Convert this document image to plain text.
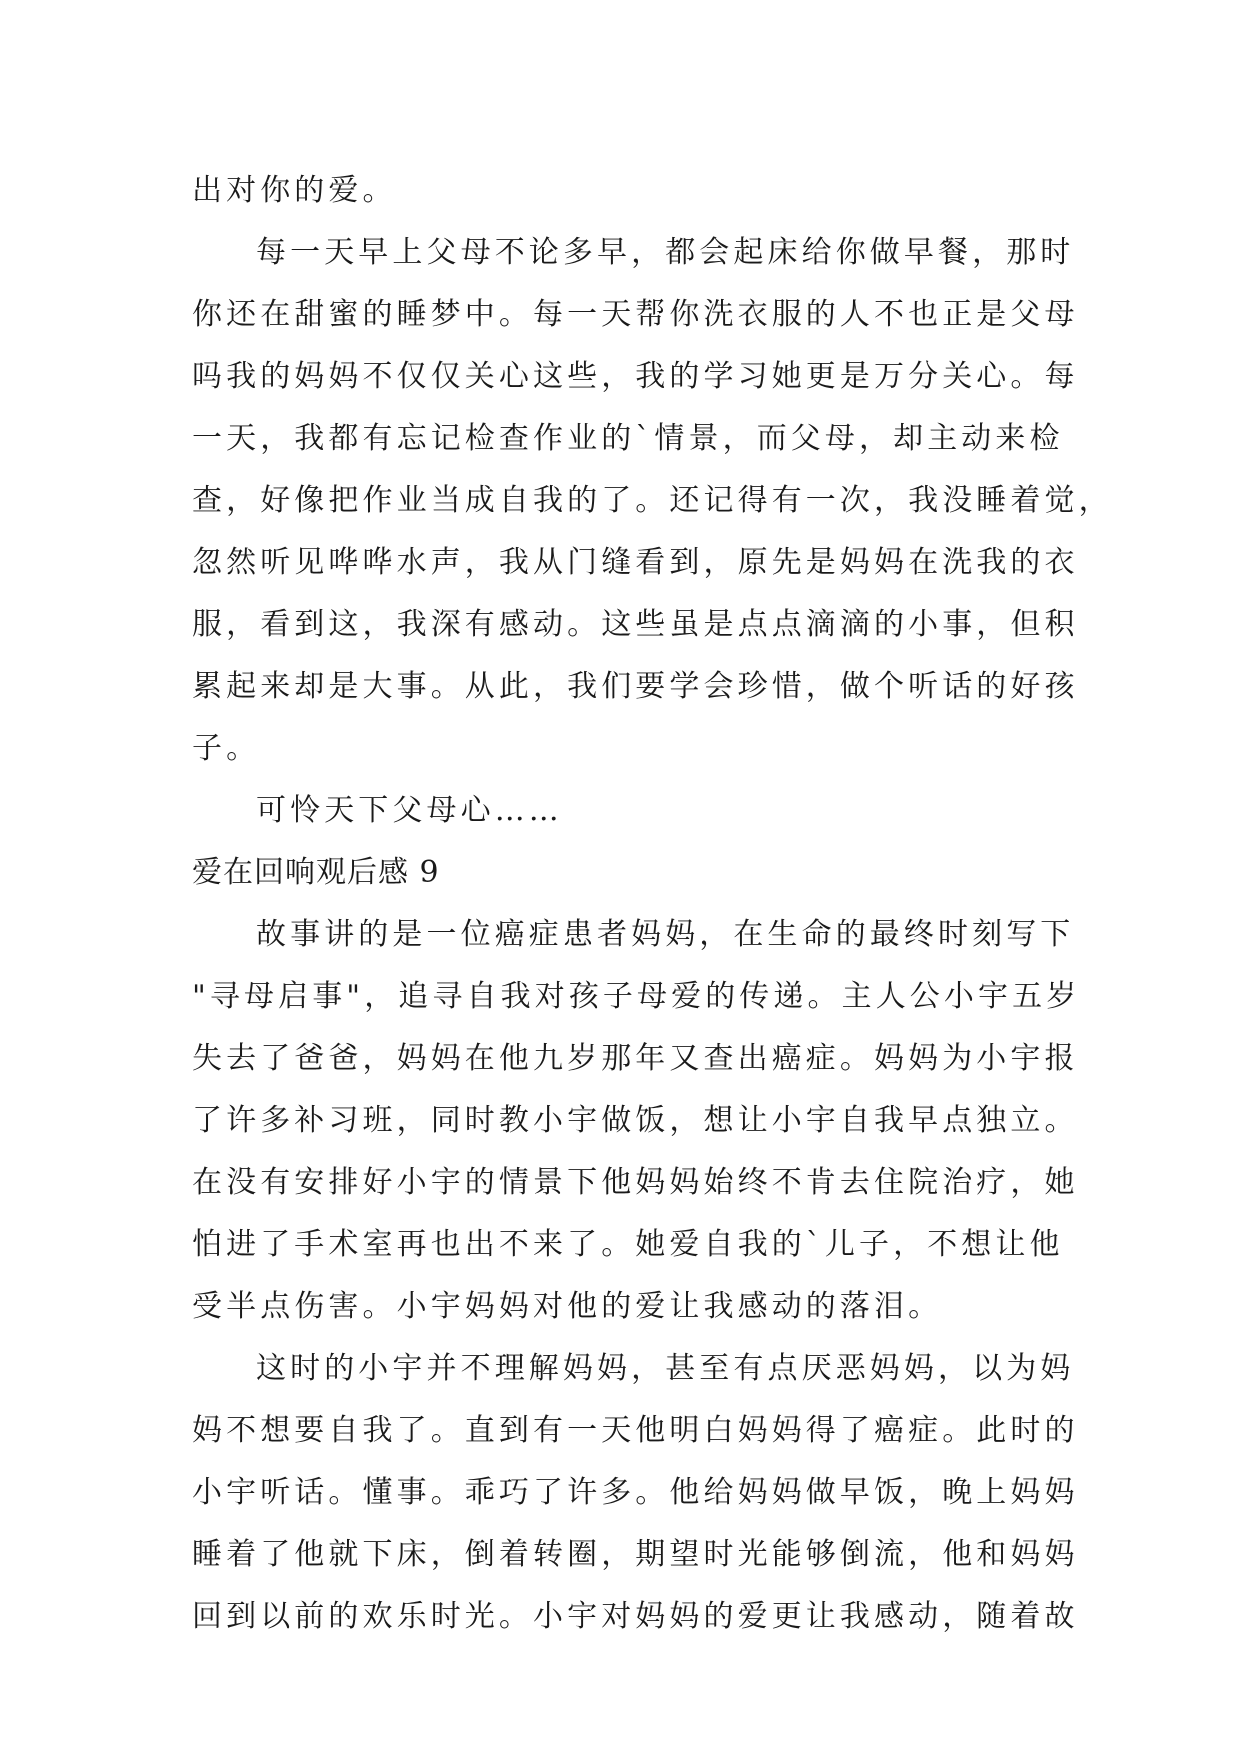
出对你的爱。
每一天早上父母不论多早，都会起床给你做早餐，那时
你还在甜蜜的睡梦中。每一天帮你洗衣服的人不也正是父母
吗我的妈妈不仅仅关心这些，我的学习她更是万分关心。每
一天，我都有忘记检查作业的`情景，而父母，却主动来检
查，好像把作业当成自我的了。还记得有一次，我没睡着觉，
忽然听见哗哗水声，我从门缝看到，原先是妈妈在洗我的衣
服，看到这，我深有感动。这些虽是点点滴滴的小事，但积
累起来却是大事。从此，我们要学会珍惜，做个听话的好孩
子。
可怜天下父母心……
爱在回响观后感 9
故事讲的是一位癌症患者妈妈，在生命的最终时刻写下
"寻母启事"，追寻自我对孩子母爱的传递。主人公小宇五岁
失去了爸爸，妈妈在他九岁那年又查出癌症。妈妈为小宇报
了许多补习班，同时教小宇做饭，想让小宇自我早点独立。
在没有安排好小宇的情景下他妈妈始终不肯去住院治疗，她
怕进了手术室再也出不来了。她爱自我的`儿子，不想让他
受半点伤害。小宇妈妈对他的爱让我感动的落泪。
这时的小宇并不理解妈妈，甚至有点厌恶妈妈，以为妈
妈不想要自我了。直到有一天他明白妈妈得了癌症。此时的
小宇听话。懂事。乖巧了许多。他给妈妈做早饭，晚上妈妈
睡着了他就下床，倒着转圈，期望时光能够倒流，他和妈妈
回到以前的欢乐时光。小宇对妈妈的爱更让我感动，随着故
